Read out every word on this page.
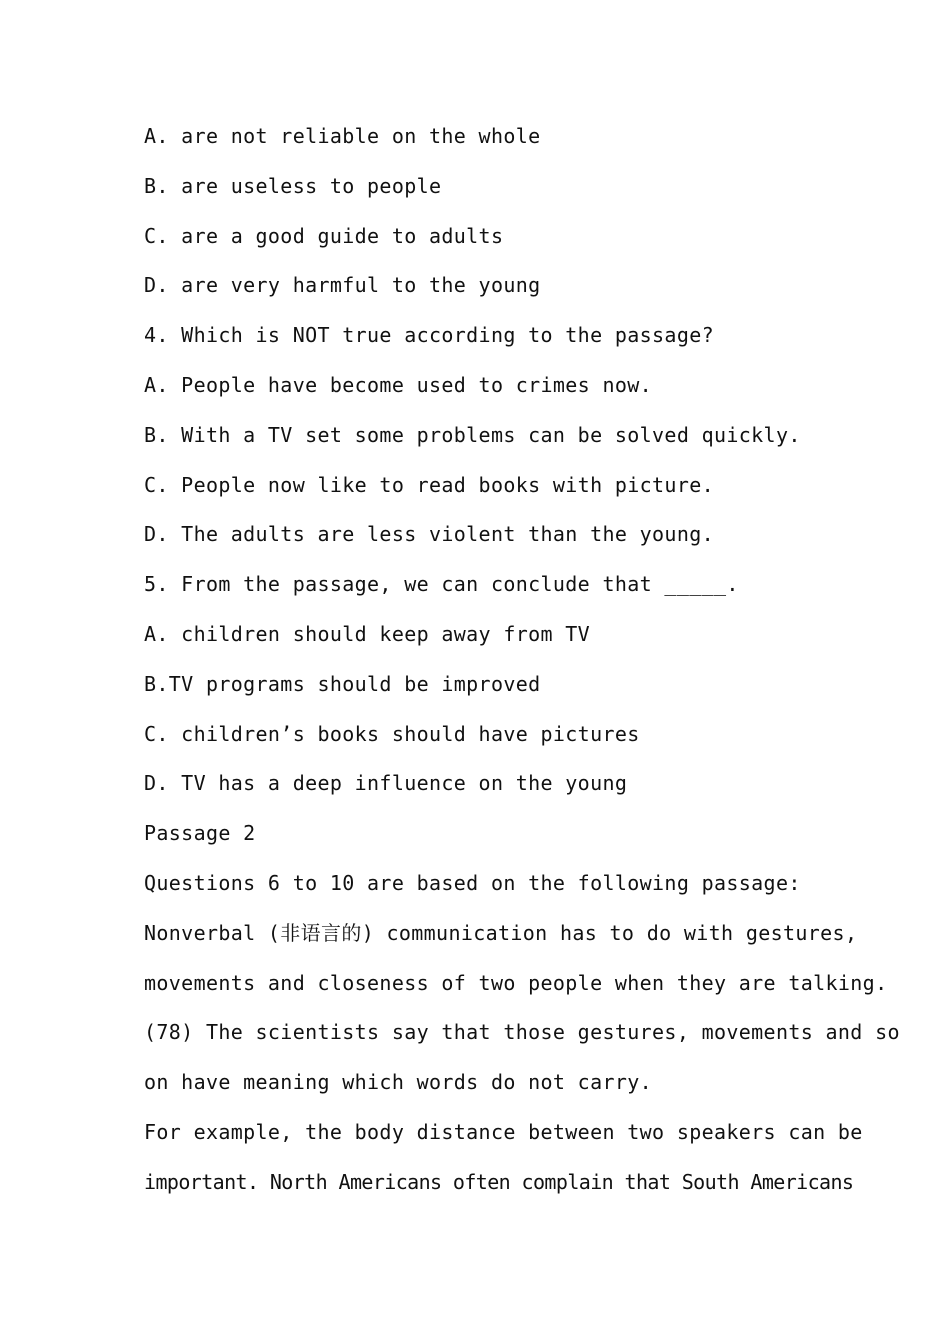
A. are not reliable on the whole
B. are useless to people
C. are a good guide to adults
D. are very harmful to the young
4. Which is NOT true according to the passage?
A. People have become used to crimes now.
B. With a TV set some problems can be solved quickly.
C. People now like to read books with picture.
D. The adults are less violent than the young.
5. From the passage, we can conclude that _____.
A. children should keep away from TV
B.TV programs should be improved
C. children’s books should have pictures
D. TV has a deep influence on the young
Passage 2
Questions 6 to 10 are based on the following passage:
Nonverbal (非语言的) communication has to do with gestures,
movements and closeness of two people when they are talking.
(78) The scientists say that those gestures, movements and so
on have meaning which words do not carry.
For example, the body distance between two speakers can be
important. North Americans often complain that South Americans
